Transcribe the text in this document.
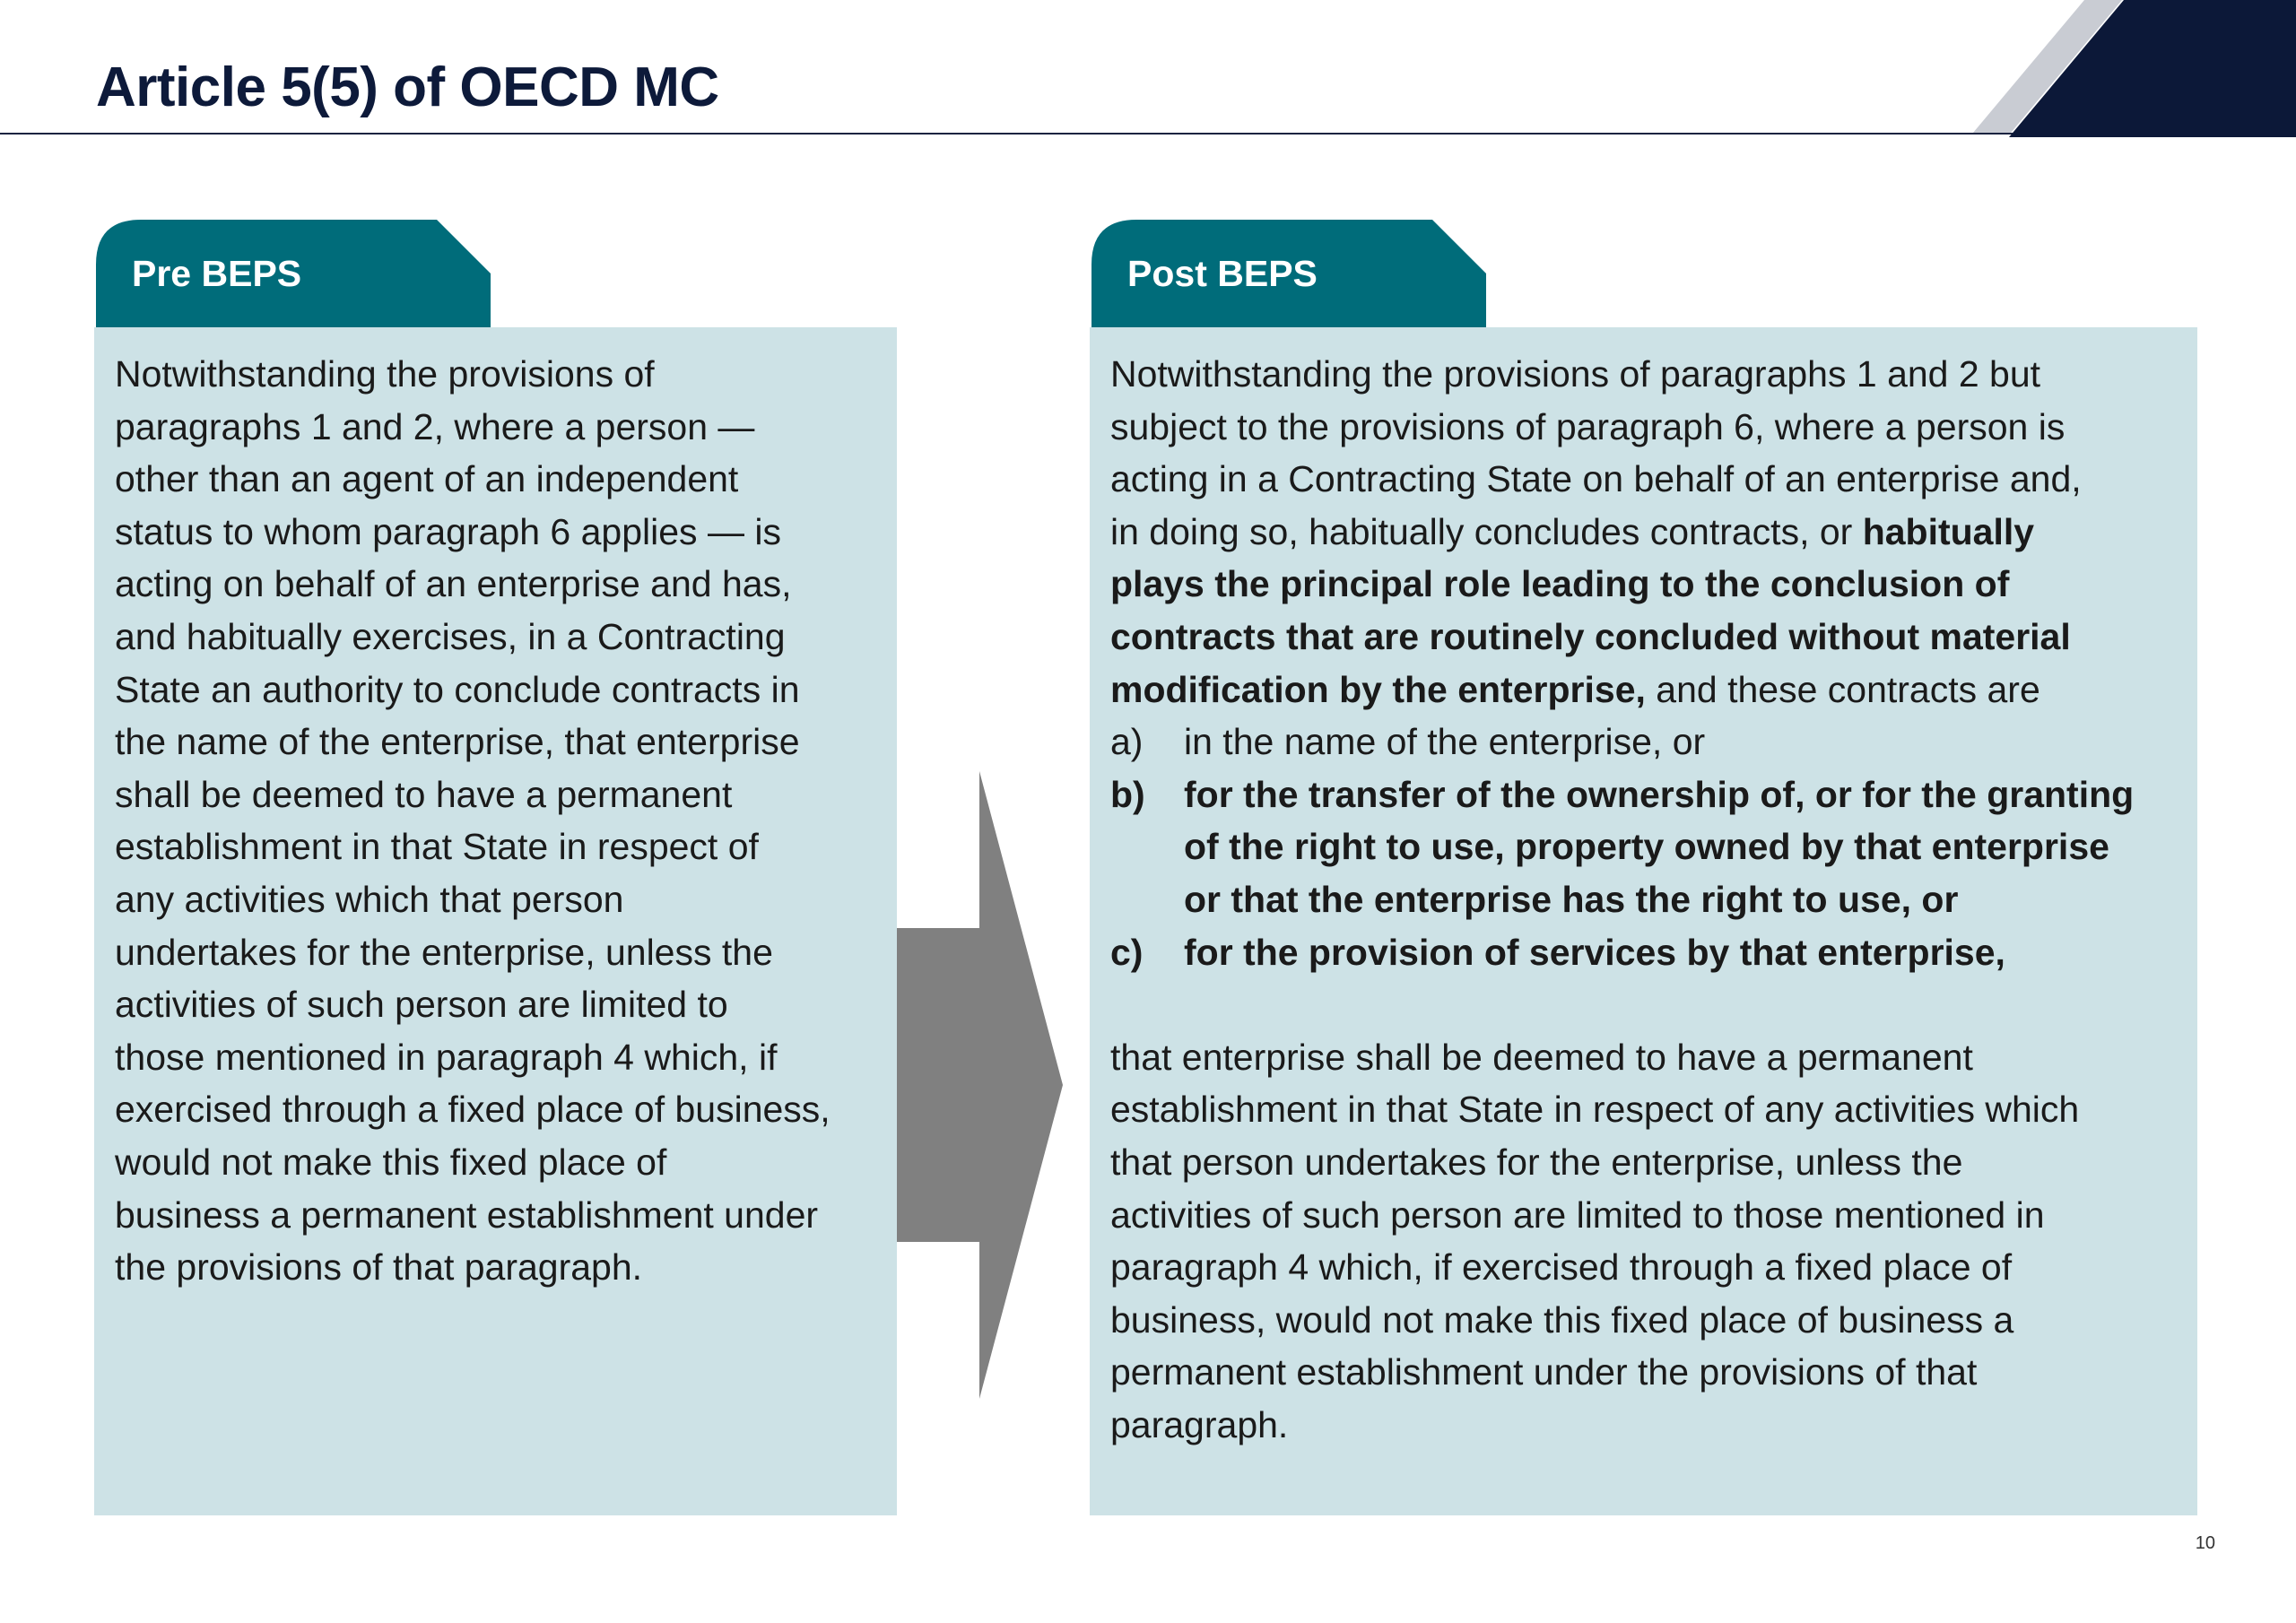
Article 5(5) of OECD MC
Notwithstanding the provisions of
paragraphs 1 and 2, where a person —
other than an agent of an independent
status to whom paragraph 6 applies — is
acting on behalf of an enterprise and has,
and habitually exercises, in a Contracting
State an authority to conclude contracts in
the name of the enterprise, that enterprise
shall be deemed to have a permanent
establishment in that State in respect of
any activities which that person
undertakes for the enterprise, unless the
activities of such person are limited to
those mentioned in paragraph 4 which, if
exercised through a fixed place of business,
would not make this fixed place of
business a permanent establishment under
the provisions of that paragraph.
Pre BEPS
Notwithstanding the provisions of paragraphs 1 and 2 but
subject to the provisions of paragraph 6, where a person is
acting in a Contracting State on behalf of an enterprise and,
in doing so, habitually concludes contracts, or habitually
plays the principal role leading to the conclusion of
contracts that are routinely concluded without material
modification by the enterprise, and these contracts are
a)	in the name of the enterprise, or
b)	for the transfer of the ownership of, or for the granting
of the right to use, property owned by that enterprise
or that the enterprise has the right to use, or
c)	for the provision of services by that enterprise,
that enterprise shall be deemed to have a permanent
establishment in that State in respect of any activities which
that person undertakes for the enterprise, unless the
activities of such person are limited to those mentioned in
paragraph 4 which, if exercised through a fixed place of
business, would not make this fixed place of business a
permanent establishment under the provisions of that
paragraph.
Post BEPS
10
